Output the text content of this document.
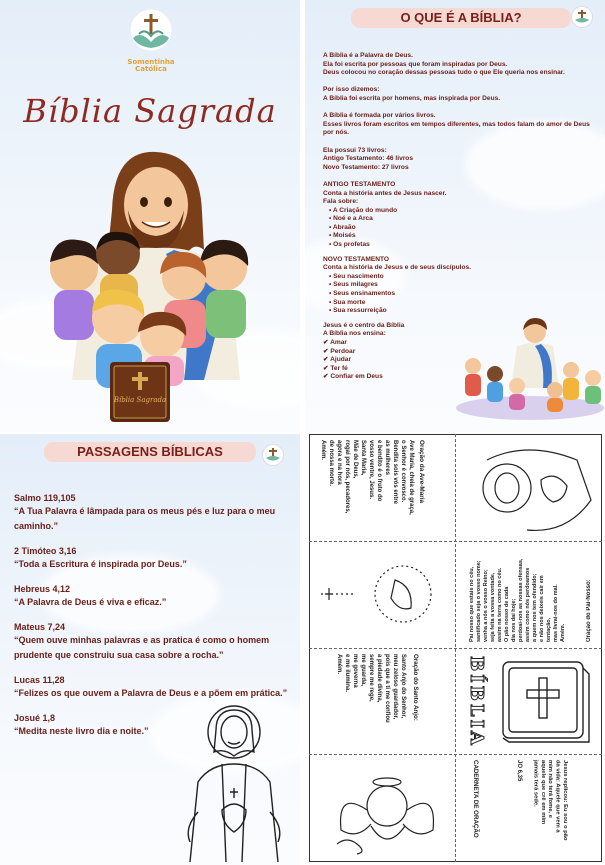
Somentinha Católica
Bíblia Sagrada
Bíblia Sagrada
O QUE É A BÍBLIA?

A Bíblia é a Palavra de Deus.
Ela foi escrita por pessoas que foram inspiradas por Deus.
Deus colocou no coração dessas pessoas tudo o que Ele queria nos ensinar.

Por isso dizemos:
A Bíblia foi escrita por homens, mas inspirada por Deus.

A Bíblia é formada por vários livros.
Esses livros foram escritos em tempos diferentes, mas todos falam do amor de Deus por nós.

Ela possui 73 livros:
Antigo Testamento: 46 livros
Novo Testamento: 27 livros

ANTIGO TESTAMENTO
Conta a história antes de Jesus nascer.
Fala sobre:
• A Criação do mundo
• Noé e a Arca
• Abraão
• Moisés
• Os profetas
NOVO TESTAMENTO
Conta a história de Jesus e de seus discípulos.
• Seu nascimento
• Seus milagres
• Seus ensinamentos
• Sua morte
• Sua ressurreição
Jesus é o centro da Bíblia
A Bíblia nos ensina:
✔ Amar
✔ Perdoar
✔ Ajudar
✔ Ter fé
✔ Confiar em Deus
PASSAGENS BÍBLICAS
Salmo 119,105
“A Tua Palavra é lâmpada para os meus pés e luz para o meu caminho.”
2 Timóteo 3,16
“Toda a Escritura é inspirada por Deus.”
Hebreus 4,12
“A Palavra de Deus é viva e eficaz.”
Mateus 7,24
“Quem ouve minhas palavras e as pratica é como o homem prudente que construiu sua casa sobre a rocha.”
Lucas 11,28
“Felizes os que ouvem a Palavra de Deus e a põem em prática.”
Josué 1,8
“Medita neste livro dia e noite.”
Ave Maria, cheia de graça,
o Senhor é convosco.
Bendita sois vós entre
as mulheres
e bendito é o fruto do
vosso ventre, Jesus.
Santa Maria,
Mãe de Deus,
rogai por nós, pecadores,
agora e na hora
de nossa morte.
Amém.	Oração da Ave-Maria
Pai nosso que estais no céu,
santificado seja o vosso nome;
venha a nós o vosso Reino;
seja feita a vossa vontade,
assim na terra como no céu.
O pão nosso de cada
dia nos dai hoje;
perdoai-nos as nossas ofensas,
assim como nós perdoamos
a quem nos tem ofendido;
e não nos deixeis cair em
tentação,
mas livrai-nos do mal.
Amém.	Oração do Pai-Nosso:
Santo Anjo do Senhor,
meu zeloso guardador,
pois que a ti me confiou
a piedade divina,
sempre me rege,
me guarda,
me governa
e me ilumina.
Amém.	Oração do Santo Anjo:	BÍBLIA
CADERNETA DE ORAÇÃO	JO 6,35	Jesus replicou: Eu sou o pão
da vida: Aquele que vem a
mim não terá fome, e
aquele que crê em mim
jamais terá sede.
